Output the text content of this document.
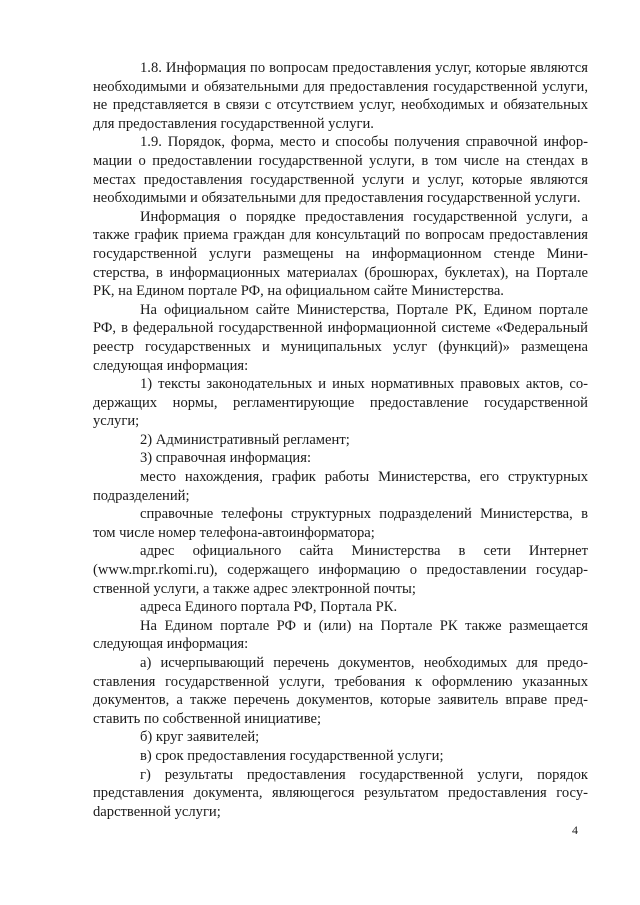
1.8. Информация по вопросам предоставления услуг, которые являются необходимыми и обязательными для предоставления государственной услуги, не представляется в связи с отсутствием услуг, необходимых и обязательных для предоставления государственной услуги.

1.9. Порядок, форма, место и способы получения справочной информации о предоставлении государственной услуги, в том числе на стендах в местах предоставления государственной услуги и услуг, которые являются необходимыми и обязательными для предоставления государственной услуги.

Информация о порядке предоставления государственной услуги, а также график приема граждан для консультаций по вопросам предоставления государственной услуги размещены на информационном стенде Министерства, в информационных материалах (брошюрах, буклетах), на Портале РК, на Едином портале РФ, на официальном сайте Министерства.

На официальном сайте Министерства, Портале РК, Едином портале РФ, в федеральной государственной информационной системе «Федеральный реестр государственных и муниципальных услуг (функций)» размещена следующая информация:

1) тексты законодательных и иных нормативных правовых актов, содержащих нормы, регламентирующие предоставление государственной услуги;

2) Административный регламент;

3) справочная информация:

место нахождения, график работы Министерства, его структурных подразделений;

справочные телефоны структурных подразделений Министерства, в том числе номер телефона-автоинформатора;

адрес официального сайта Министерства в сети Интернет (www.mpr.rkomi.ru), содержащего информацию о предоставлении государственной услуги, а также адрес электронной почты;

адреса Единого портала РФ, Портала РК.

На Едином портале РФ и (или) на Портале РК также размещается следующая информация:

а) исчерпывающий перечень документов, необходимых для предоставления государственной услуги, требования к оформлению указанных документов, а также перечень документов, которые заявитель вправе представить по собственной инициативе;

б) круг заявителей;

в) срок предоставления государственной услуги;

г) результаты предоставления государственной услуги, порядок представления документа, являющегося результатом предоставления госуdарственной услуги;

4
